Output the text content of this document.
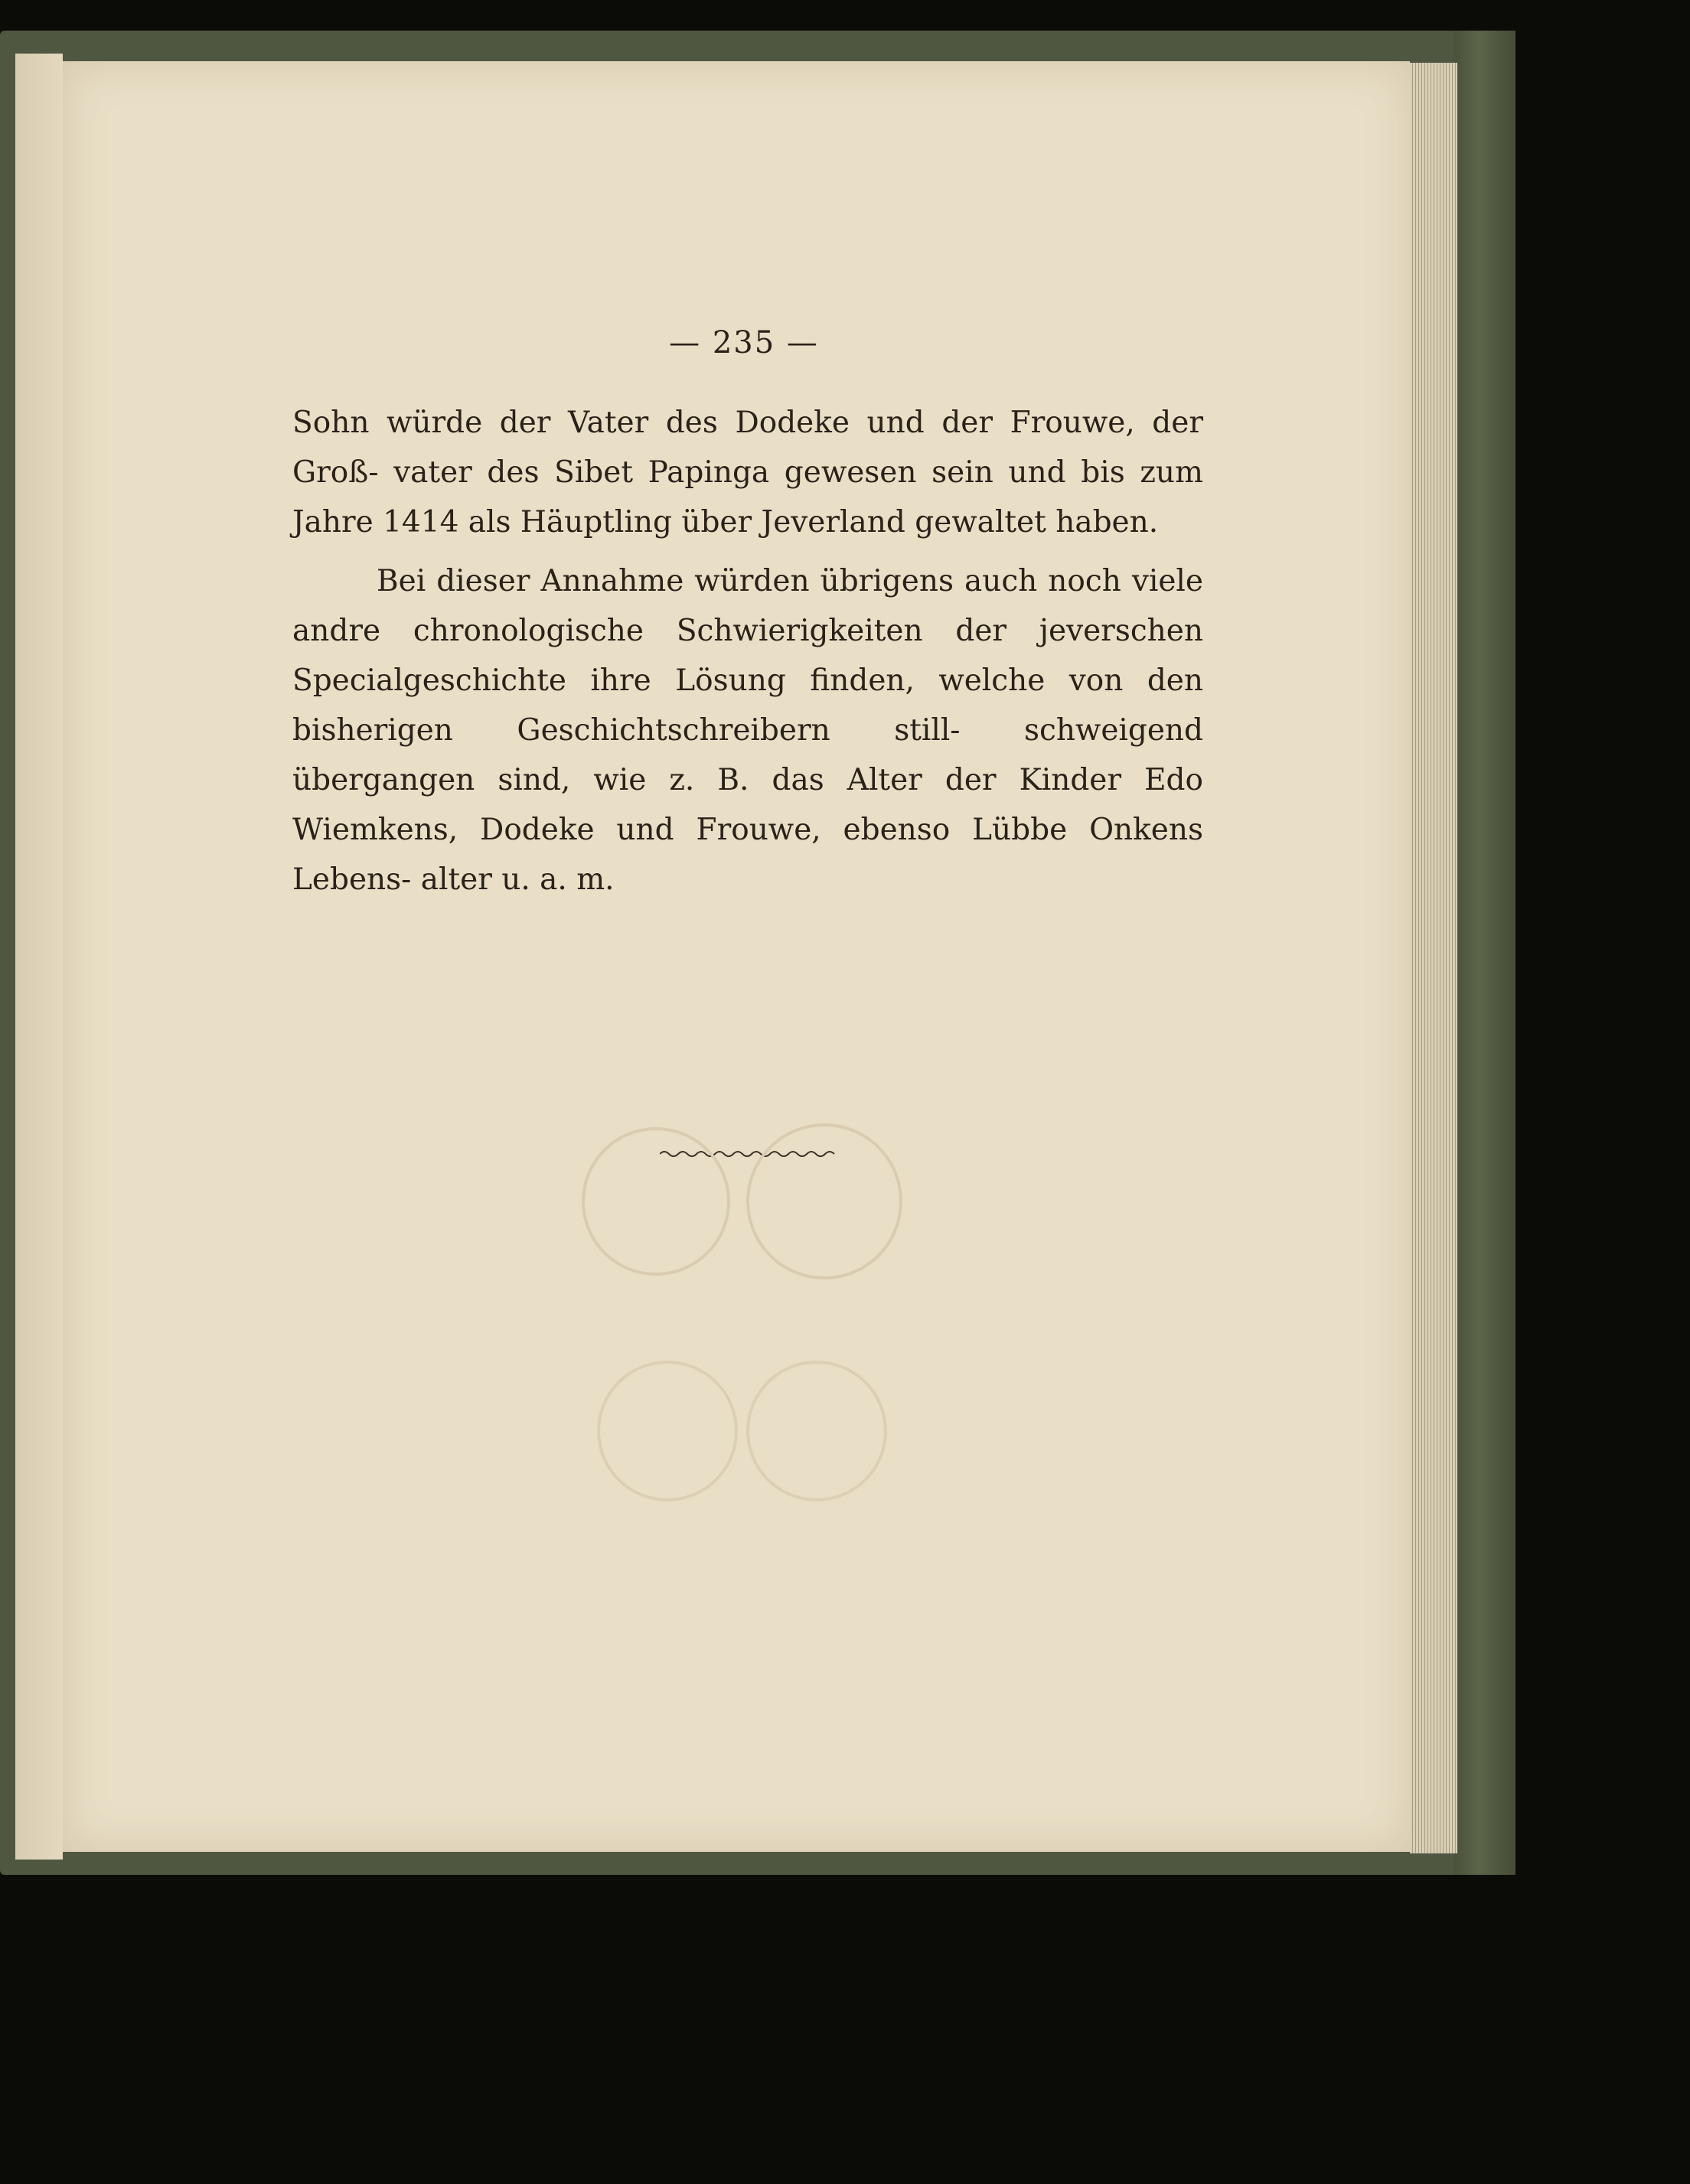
— 235 —

Sohn würde der Vater des Dodeke und der Frouwe, der Groß- vater des Sibet Papinga gewesen sein und bis zum Jahre 1414 als Häuptling über Jeverland gewaltet haben.

Bei dieser Annahme würden übrigens auch noch viele andre chronologische Schwierigkeiten der jeverschen Specialgeschichte ihre Lösung finden, welche von den bisherigen Geschichtschreibern still- schweigend übergangen sind, wie z. B. das Alter der Kinder Edo Wiemkens, Dodeke und Frouwe, ebenso Lübbe Onkens Lebens- alter u. a. m.
